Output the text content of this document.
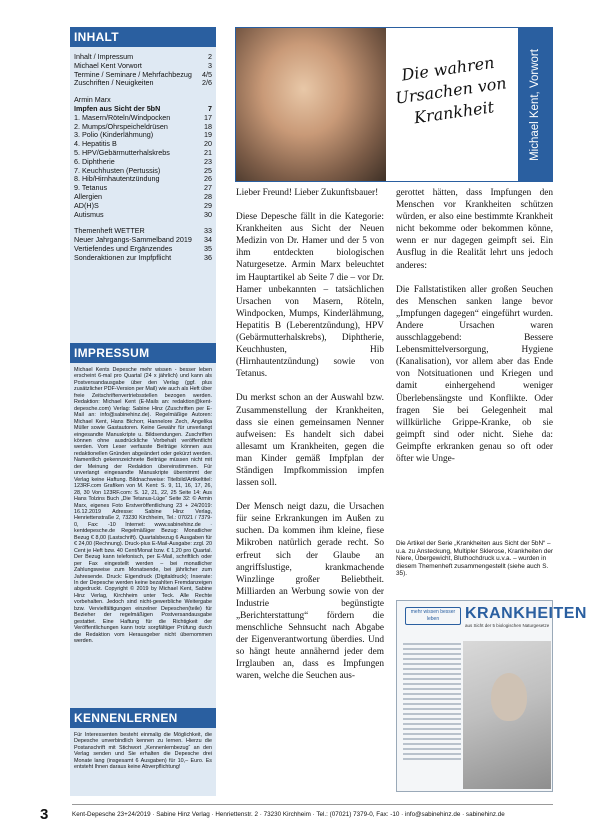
INHALT
Inhalt / Impressum	2
Michael Kent Vorwort	3
Termine / Seminare / Mehrfachbezug 4/5
Zuschriften / Neuigkeiten	2/6
Armin Marx
Impfen aus Sicht der 5bN	7
1. Masern/Röteln/Windpocken	17
2. Mumps/Ohrspeicheldrüsen	18
3. Polio (Kinderlähmung)	19
4. Hepatitis B	20
5. HPV/Gebärmutterhalskrebs	21
6. Diphtherie	23
7. Keuchhusten (Pertussis)	25
8. Hib/Hirnhautentzündung	26
9. Tetanus	27
Allergien	28
AD(H)S	29
Autismus	30
Themenheft WETTER	33
Neuer Jahrgangs-Sammelband 2019 34
Vertiefendes und Ergänzendes	35
Sonderaktionen zur Impfpflicht	36
IMPRESSUM
Michael Kents Depesche mehr wissen - besser leben erscheint 6-mal pro Quartal (24 x jährlich) und kann als Postversandausgabe über den Verlag (ggf. plus zusätzlicher PDF-Version per Mail) wie auch als Heft über freie Zeitschriftenvertriebsstellen bezogen werden. Redaktion: Michael Kent (E-Mails an: redaktion@kent-depesche.com) Verlag: Sabine Hinz (Zuschriften per E-Mail an: info@sabinehinz.de). Regelmäßige Autoren: Michael Kent, Hans Bichorr, Hannelore Zech, Angelika Müller sowie Gastautoren. Keine Gewähr für unverlangt eingesandte Manuskripte u. Bildsendungen. Zuschriften können ohne ausdrückliche Vorbehalt veröffentlicht werden. Vom Leser verfasste Beiträge können aus redaktionellen Gründen abgeändert oder gekürzt werden. Namentlich gekennzeichnete Beiträge müssen nicht mit der Meinung der Redaktion übereinstimmen. Für unverlangt eingesandte Manuskripte übernimmt der Verlag keine Haftung. Bildnachweise: Titelbild/Artikeltitel: 123RF.com Grafiken von M. Kent: S. 9, 11, 16, 17, 26, 28, 30 Von 123RF.com: S. 12, 21, 22, 25 Seite 14: Aus Hans Tolzins Buch „Die Tetanus-Lüge“ Seite 32: © Armin Marx, eigenes Foto Erstveröffentlichung 23 + 24/2019: 16.12.2019 Adresse: Sabine Hinz Verlag, Henriettenstraße 2, 73230 Kirchheim, Tel.: 07021 / 7379-0, Fax: -10 Internet: www.sabinehinz.de · kentdepesche.de Regelmäßiger Bezug: Monatlicher Bezug € 8,00 (Lastschrift). Quartalsbezug 6 Ausgaben für € 24,00 (Rechnung). Druck-plus E-Mail-Ausgabe: zzgl. 20 Cent je Heft bzw. 40 Cent/Monat bzw. € 1,20 pro Quartal. Der Bezug kann telefonisch, per E-Mail, schriftlich oder per Fax eingestellt werden – bei monatlicher Zahlungsweise zum Monatsende, bei jährlicher zum Jahresende. Druck: Eigendruck (Digitaldruck); Inserate: In der Depesche werden keine bezahlten Fremdanzeigen abgedruckt. Copyright © 2019 by Michael Kent, Sabine Hinz Verlag, Kirchheim unter Teck. Alle Rechte vorbehalten. Jedoch sind nicht-gewerbliche Weitergabe bzw. Vervielfältigungen einzelner Depeschen(teile) für Bezieher der regelmäßigen Postversandausgabe gestattet. Eine Haftung für die Richtigkeit der Veröffentlichungen kann trotz sorgfältiger Prüfung durch die Redaktion vom Herausgeber nicht übernommen werden.
KENNENLERNEN
Für Interessenten besteht einmalig die Möglichkeit, die Depesche unverbindlich kennen zu lernen. Hierzu die Postanschrift mit Stichwort „Kennenlernbezug“ an den Verlag senden und Sie erhalten die Depesche drei Monate lang (insgesamt 6 Ausgaben) für 10,– Euro. Es entsteht Ihnen daraus keine Abverpflichtung!
Die wahren Ursachen von Krankheit	Michael Kent, Vorwort

Lieber Freund! Lieber Zukunftsbauer!

Diese Depesche fällt in die Kategorie: Krankheiten aus Sicht der Neuen Medizin von Dr. Hamer und der 5 von ihm entdeckten biologischen Naturgesetze. Armin Marx beleuchtet im Hauptartikel ab Seite 7 die – vor Dr. Hamer unbekannten – tatsächlichen Ursachen von Masern, Röteln, Windpocken, Mumps, Kinderlähmung, Hepatitis B (Leberentzündung), HPV (Gebärmutterhalskrebs), Diphtherie, Keuchhusten, Hib (Hirnhautentzündung) sowie von Tetanus.

Du merkst schon an der Auswahl bzw. Zusammenstellung der Krankheiten, dass sie einen gemeinsamen Nenner aufweisen: Es handelt sich dabei allesamt um Krankheiten, gegen die man Kinder gemäß Impfplan der Ständigen Impfkommission impfen lassen soll.

Der Mensch neigt dazu, die Ursachen für seine Erkrankungen im Außen zu suchen. Da kommen ihm kleine, fiese Mikroben natürlich gerade recht. So erfreut sich der Glaube an angriffslustige, krankmachende Winzlinge großer Beliebtheit. Milliarden an Werbung sowie von der Industrie begünstigte „Berichterstattung“ fördern die menschliche Sehnsucht nach Abgabe der Eigenverantwortung überdies. Und so hängt heute annähernd jeder dem Irrglauben an, dass es Impfungen waren, welche die Seuchen aus-

gerottet hätten, dass Impfungen den Menschen vor Krankheiten schützen würden, er also eine bestimmte Krankheit nicht bekomme oder bekommen könne, wenn er nur dagegen geimpft sei. Ein Ausflug in die Realität lehrt uns jedoch anderes:

Die Fallstatistiken aller großen Seuchen des Menschen sanken lange bevor „Impfungen dagegen“ eingeführt wurden. Andere Ursachen waren ausschlaggebend: Bessere Lebensmittelversorgung, Hygiene (Kanalisation), vor allem aber das Ende von Notsituationen und Kriegen und damit einhergehend weniger Überlebensängste und Konflikte. Oder fragen Sie bei Gelegenheit mal willkürliche Grippe-Kranke, ob sie geimpft sind oder nicht. Siehe da: Geimpfte erkranken genau so oft oder öfter wie Unge-

Die Artikel der Serie „Krankheiten aus Sicht der 5bN“ – u.a. zu Ansteckung, Multipler Sklerose, Krankheiten der Niere, Übergewicht, Bluthochdruck u.v.a. – wurden in diesem Themenheft zusammengestellt (siehe auch S. 35).
mehr wissen besser leben	KRANKHEITEN
aus Sicht der 5 biologischen Naturgesetze
3	Kent-Depesche 23+24/2019 · Sabine Hinz Verlag · Henriettenstr. 2 · 73230 Kirchheim · Tel.: (07021) 7379-0, Fax: -10 · info@sabinehinz.de · sabinehinz.de
